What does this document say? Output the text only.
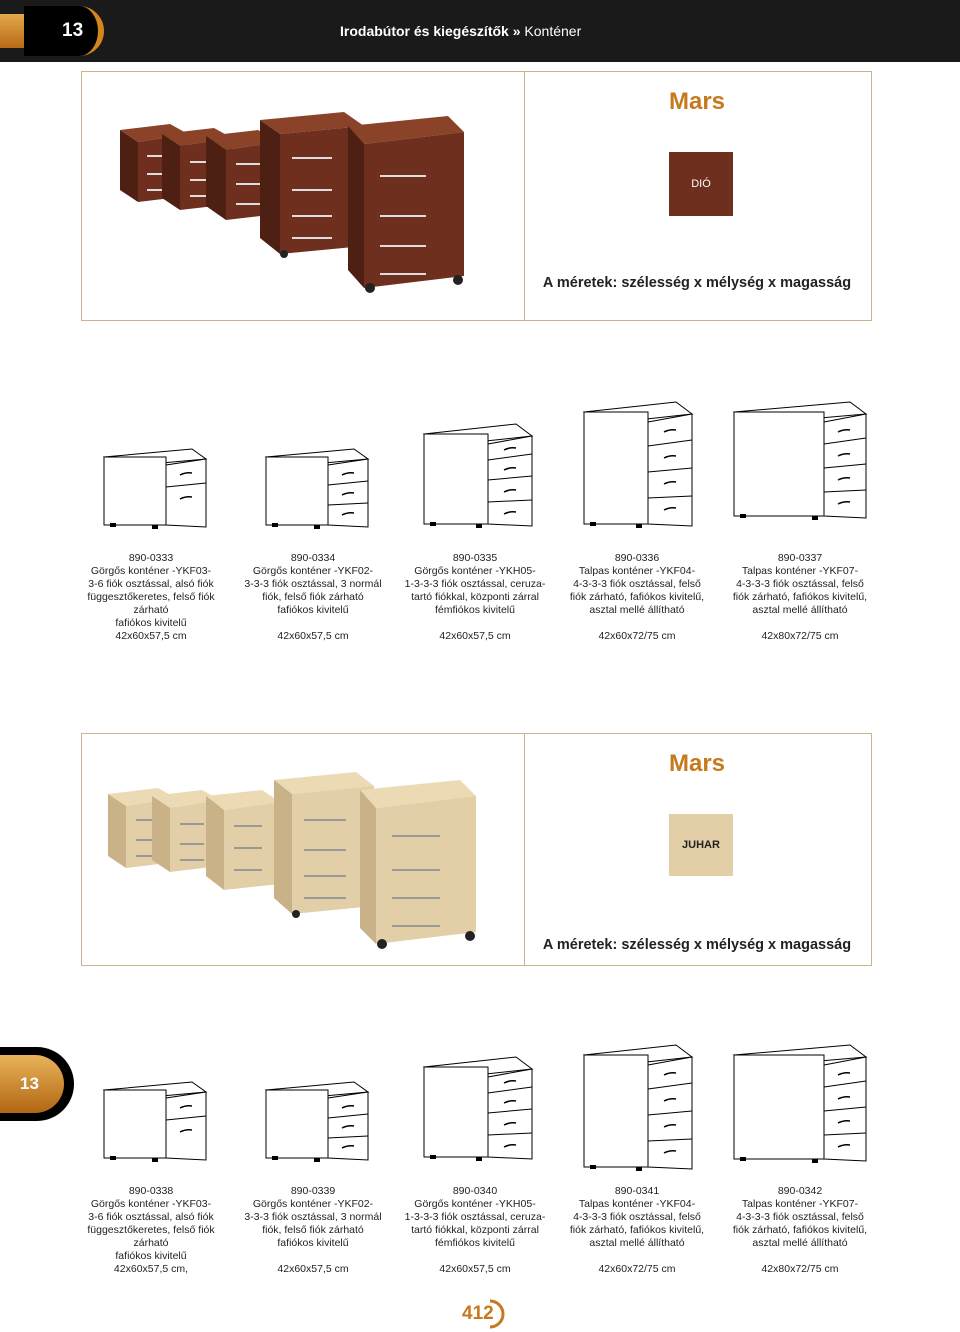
13	Irodabútor és kiegészítők » Konténer
Mars
DIÓ
A méretek: szélesség x mélység x magasság
890-0333
Görgős konténer -YKF03-
3-6 fiók osztással, alsó fiók
függesztőkeretes, felső fiók
zárható
fafiókos kivitelű
42x60x57,5 cm
890-0334
Görgős konténer -YKF02-
3-3-3 fiók osztással, 3 normál
fiók, felső fiók zárható
fafiókos kivitelű
42x60x57,5 cm
890-0335
Görgős konténer -YKH05-
1-3-3-3 fiók osztással, ceruza-
tartó fiókkal, központi zárral
fémfiókos kivitelű
42x60x57,5 cm
890-0336
Talpas konténer -YKF04-
4-3-3-3 fiók osztással, felső
fiók zárható, fafiókos kivitelű,
asztal mellé állítható
42x60x72/75 cm
890-0337
Talpas konténer -YKF07-
4-3-3-3 fiók osztással, felső
fiók zárható, fafiókos kivitelű,
asztal mellé állítható
42x80x72/75 cm
Mars
JUHAR
A méretek: szélesség x mélység x magasság
13
890-0338
Görgős konténer -YKF03-
3-6 fiók osztással, alsó fiók
függesztőkeretes, felső fiók
zárható
fafiókos kivitelű
42x60x57,5 cm,
890-0339
Görgős konténer -YKF02-
3-3-3 fiók osztással, 3 normál
fiók, felső fiók zárható
fafiókos kivitelű
42x60x57,5 cm
890-0340
Görgős konténer -YKH05-
1-3-3-3 fiók osztással, ceruza-
tartó fiókkal, központi zárral
fémfiókos kivitelű
42x60x57,5 cm
890-0341
Talpas konténer -YKF04-
4-3-3-3 fiók osztással, felső
fiók zárható, fafiókos kivitelű,
asztal mellé állítható
42x60x72/75 cm
890-0342
Talpas konténer -YKF07-
4-3-3-3 fiók osztással, felső
fiók zárható, fafiókos kivitelű,
asztal mellé állítható
42x80x72/75 cm
412
